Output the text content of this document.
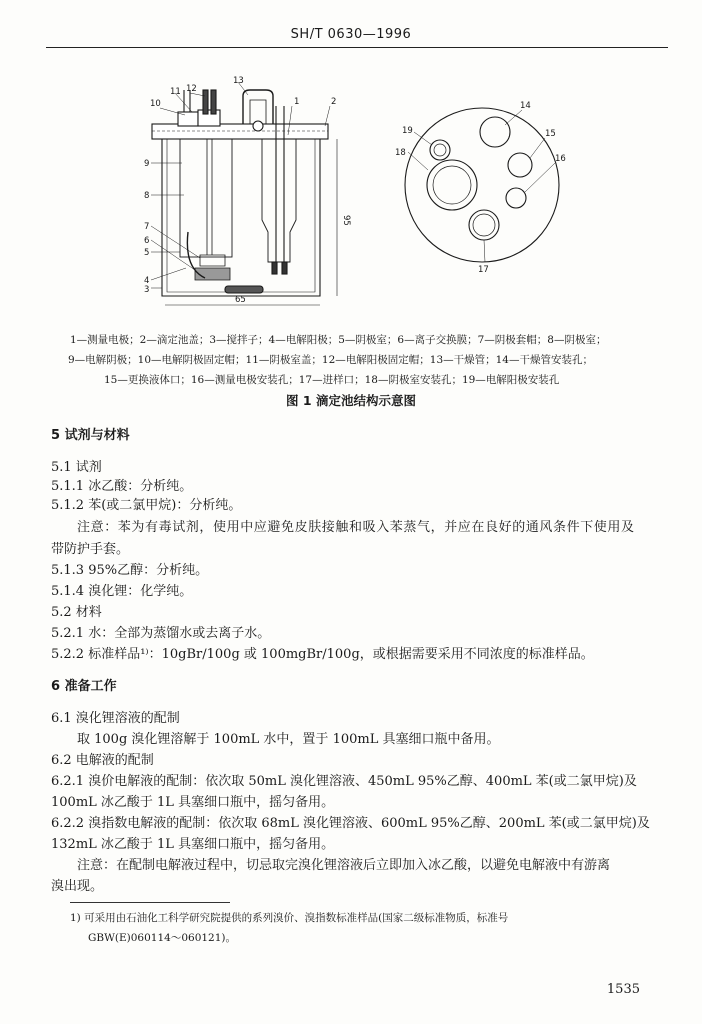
SH/T 0630—1996
1	2
3
4
5
6
7
8
9
10
11 12
13
65
95
14
15
16
17
18
19
1—测量电极；2—滴定池盖；3—搅拌子；4—电解阳极；5—阴极室；6—离子交换膜；7—阴极套帽；8—阴极室；
9—电解阴极；10—电解阴极固定帽；11—阴极室盖；12—电解阳极固定帽；13—干燥管；14—干燥管安装孔；
15—更换液体口；16—测量电极安装孔；17—进样口；18—阴极室安装孔；19—电解阳极安装孔
图 1 滴定池结构示意图
5 试剂与材料
5.1 试剂
5.1.1 冰乙酸：分析纯。
5.1.2 苯(或二氯甲烷)：分析纯。
注意：苯为有毒试剂，使用中应避免皮肤接触和吸入苯蒸气，并应在良好的通风条件下使用及
带防护手套。
5.1.3 95%乙醇：分析纯。
5.1.4 溴化锂：化学纯。
5.2 材料
5.2.1 水：全部为蒸馏水或去离子水。
5.2.2 标准样品¹⁾：10gBr/100g 或 100mgBr/100g，或根据需要采用不同浓度的标准样品。
6 准备工作
6.1 溴化锂溶液的配制
取 100g 溴化锂溶解于 100mL 水中，置于 100mL 具塞细口瓶中备用。
6.2 电解液的配制
6.2.1 溴价电解液的配制：依次取 50mL 溴化锂溶液、450mL 95%乙醇、400mL 苯(或二氯甲烷)及
100mL 冰乙酸于 1L 具塞细口瓶中，摇匀备用。
6.2.2 溴指数电解液的配制：依次取 68mL 溴化锂溶液、600mL 95%乙醇、200mL 苯(或二氯甲烷)及
132mL 冰乙酸于 1L 具塞细口瓶中，摇匀备用。
注意：在配制电解液过程中，切忌取完溴化锂溶液后立即加入冰乙酸，以避免电解液中有游离
溴出现。
1) 可采用由石油化工科学研究院提供的系列溴价、溴指数标准样品(国家二级标准物质，标准号
GBW(E)060114～060121)。
1535
